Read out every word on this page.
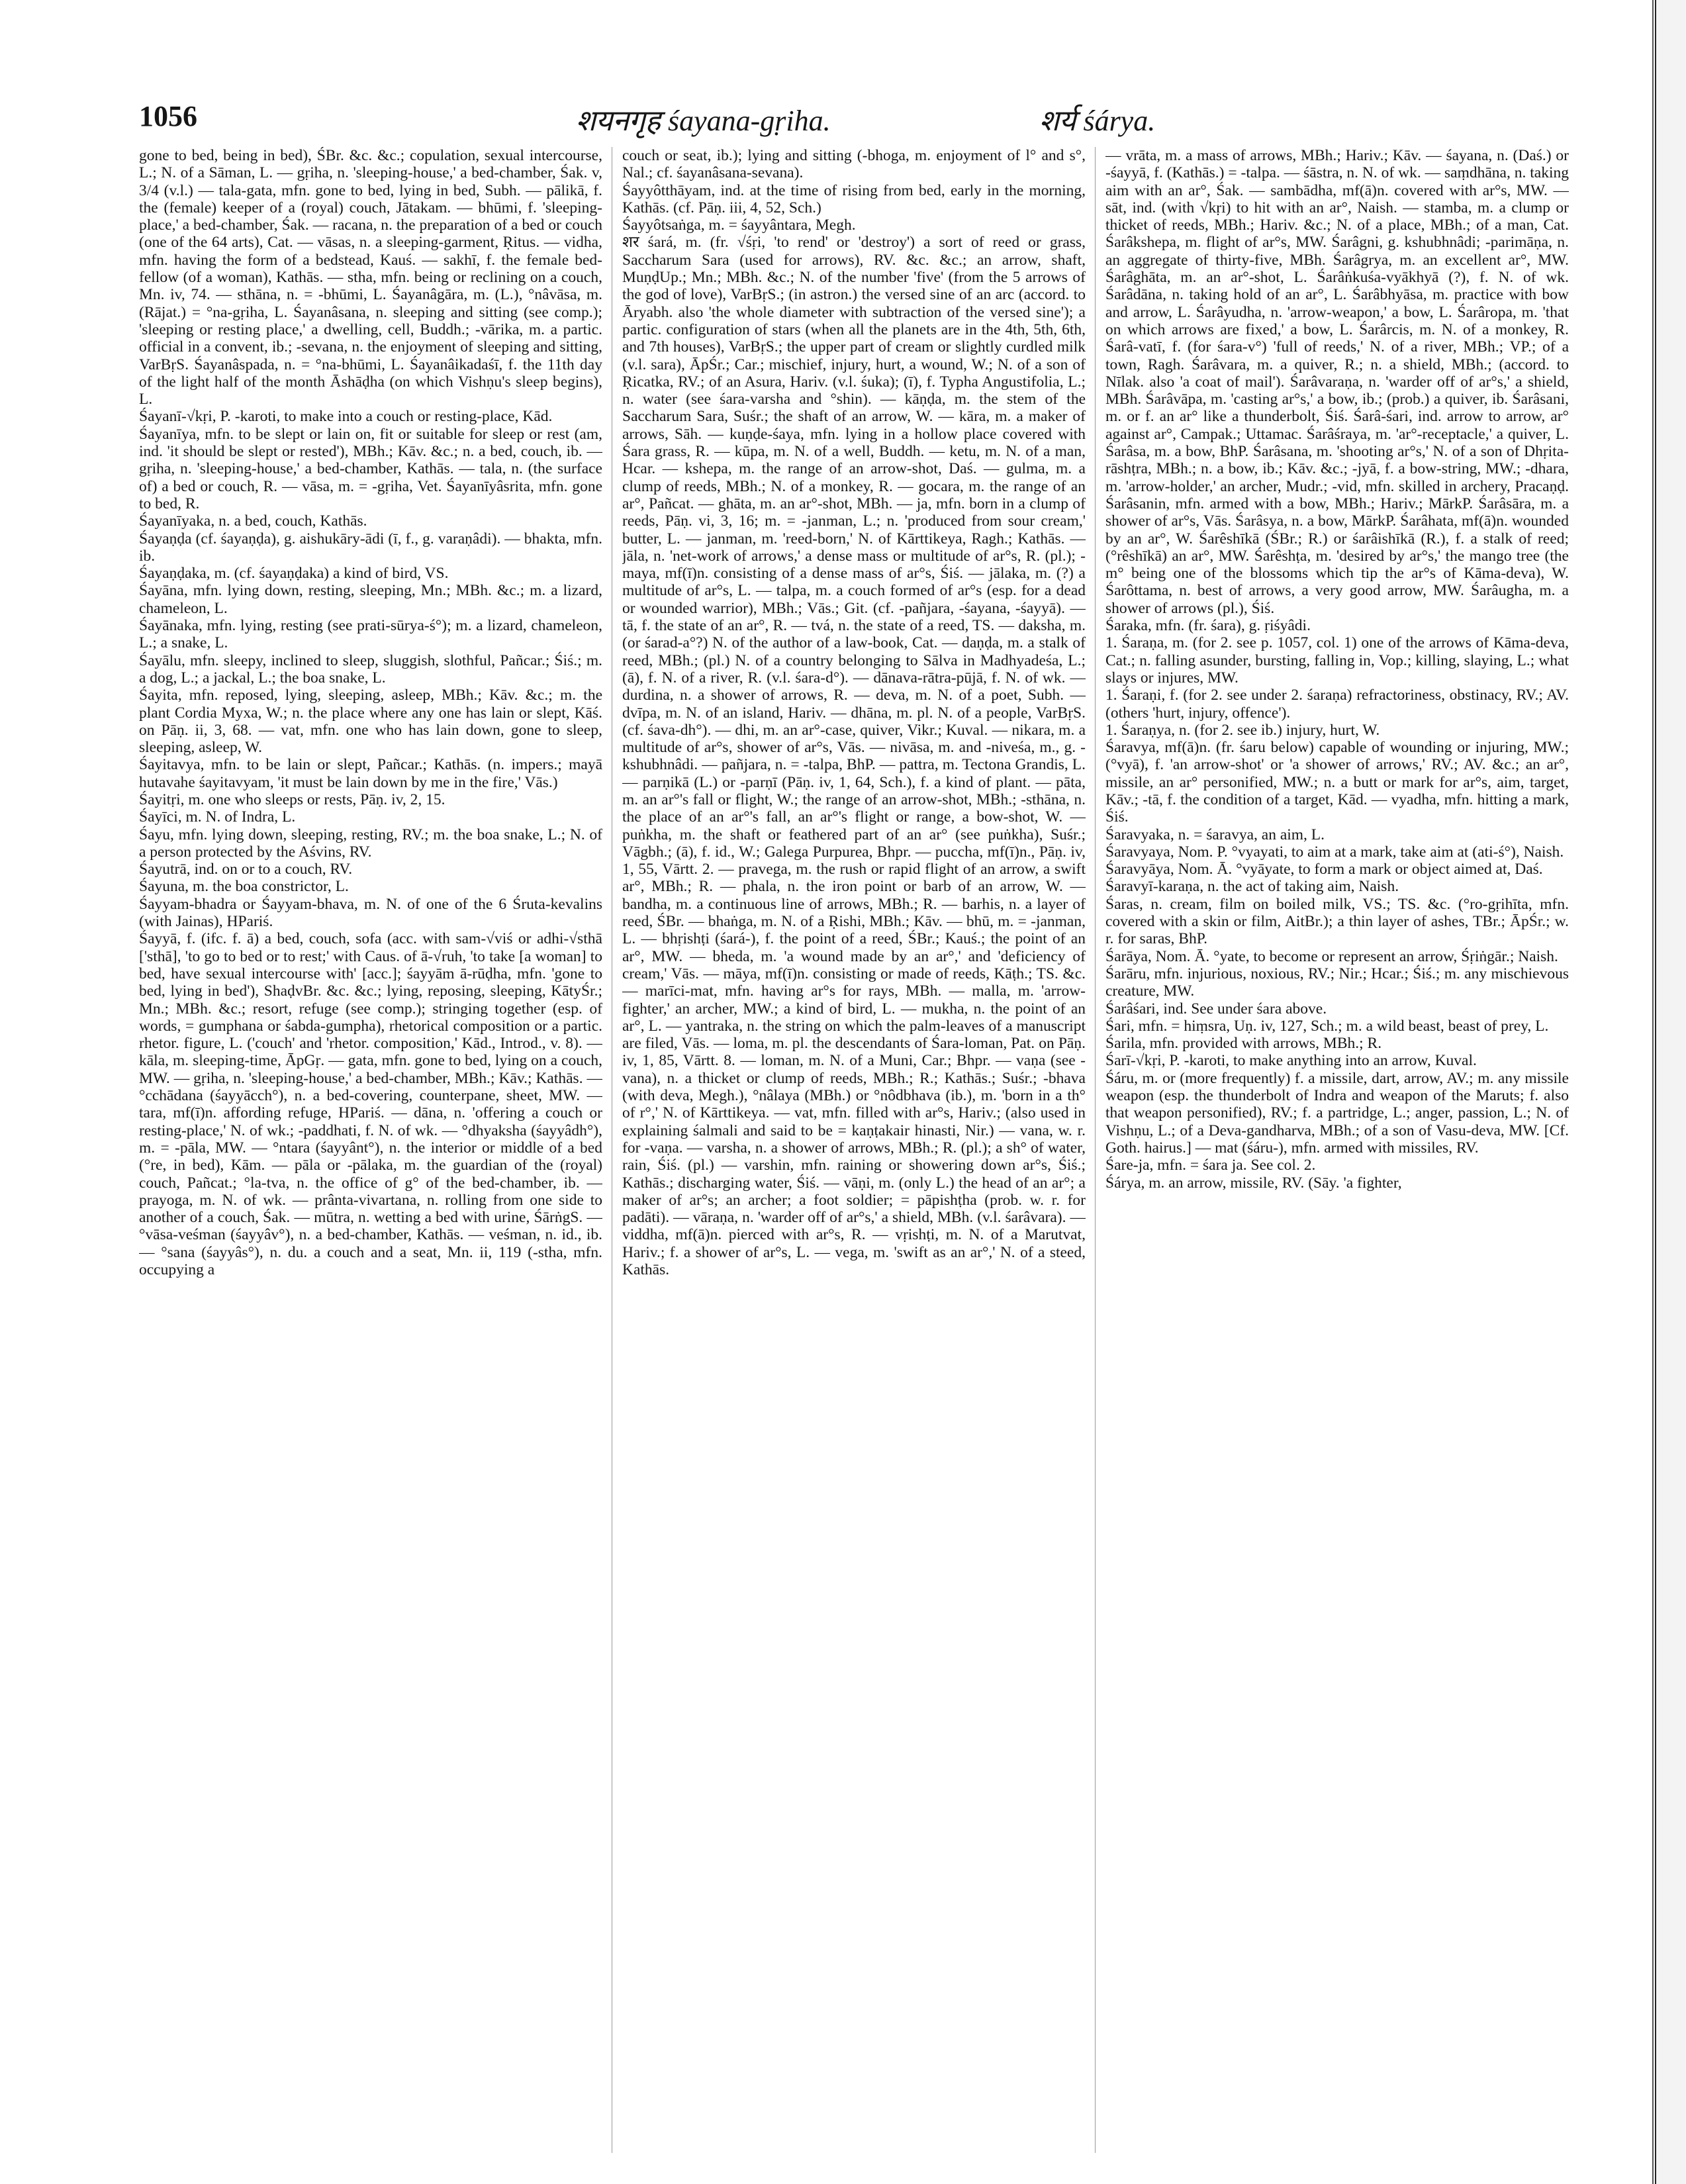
1056	शयनगृह śayana-gṛiha.	शर्य śárya.

gone to bed, being in bed), ŚBr. &c. &c.; copulation, sexual intercourse, L.; N. of a Sāman, L. — gṛiha, n. 'sleeping-house,' a bed-chamber, Śak. v, 3/4 (v.l.) — tala-gata, mfn. gone to bed, lying in bed, Subh. — pālikā, f. the (female) keeper of a (royal) couch, Jātakam. — bhūmi, f. 'sleeping-place,' a bed-chamber, Śak. — racana, n. the preparation of a bed or couch (one of the 64 arts), Cat. — vāsas, n. a sleeping-garment, Ṛitus. — vidha, mfn. having the form of a bedstead, Kauś. — sakhī, f. the female bed-fellow (of a woman), Kathās. — stha, mfn. being or reclining on a couch, Mn. iv, 74. — sthāna, n. = -bhūmi, L. Śayanâgāra, m. (L.), °nâvāsa, m. (Rājat.) = °na-gṛiha, L. Śayanâsana, n. sleeping and sitting (see comp.); 'sleeping or resting place,' a dwelling, cell, Buddh.; -vārika, m. a partic. official in a convent, ib.; -sevana, n. the enjoyment of sleeping and sitting, VarBṛS. Śayanâspada, n. = °na-bhūmi, L. Śayanâikadaśī, f. the 11th day of the light half of the month Āshāḍha (on which Vishṇu's sleep begins), L.

Śayanī-√kṛi, P. -karoti, to make into a couch or resting-place, Kād.

Śayanīya, mfn. to be slept or lain on, fit or suitable for sleep or rest (am, ind. 'it should be slept or rested'), MBh.; Kāv. &c.; n. a bed, couch, ib. — gṛiha, n. 'sleeping-house,' a bed-chamber, Kathās. — tala, n. (the surface of) a bed or couch, R. — vāsa, m. = -gṛiha, Vet. Śayanīyâsrita, mfn. gone to bed, R.

Śayanīyaka, n. a bed, couch, Kathās.

Śayaṇḍa (cf. śayaṇḍa), g. aishukāry-ādi (ī, f., g. varaṇâdi). — bhakta, mfn. ib.

Śayaṇḍaka, m. (cf. śayaṇḍaka) a kind of bird, VS.

Śayāna, mfn. lying down, resting, sleeping, Mn.; MBh. &c.; m. a lizard, chameleon, L.

Śayānaka, mfn. lying, resting (see prati-sūrya-ś°); m. a lizard, chameleon, L.; a snake, L.

Śayālu, mfn. sleepy, inclined to sleep, sluggish, slothful, Pañcar.; Śiś.; m. a dog, L.; a jackal, L.; the boa snake, L.

Śayita, mfn. reposed, lying, sleeping, asleep, MBh.; Kāv. &c.; m. the plant Cordia Myxa, W.; n. the place where any one has lain or slept, Kāś. on Pāṇ. ii, 3, 68. — vat, mfn. one who has lain down, gone to sleep, sleeping, asleep, W.

Śayitavya, mfn. to be lain or slept, Pañcar.; Kathās. (n. impers.; mayā hutavahe śayitavyam, 'it must be lain down by me in the fire,' Vās.)

Śayitṛi, m. one who sleeps or rests, Pāṇ. iv, 2, 15.

Śayīci, m. N. of Indra, L.

Śayu, mfn. lying down, sleeping, resting, RV.; m. the boa snake, L.; N. of a person protected by the Aśvins, RV.

Śayutrā, ind. on or to a couch, RV.

Śayuna, m. the boa constrictor, L.

Śayyam-bhadra or Śayyam-bhava, m. N. of one of the 6 Śruta-kevalins (with Jainas), HPariś.

Śayyā, f. (ifc. f. ā) a bed, couch, sofa (acc. with sam-√viś or adhi-√sthā ['sthā], 'to go to bed or to rest;' with Caus. of ā-√ruh, 'to take [a woman] to bed, have sexual intercourse with' [acc.]; śayyām ā-rūḍha, mfn. 'gone to bed, lying in bed'), ShaḍvBr. &c. &c.; lying, reposing, sleeping, KātyŚr.; Mn.; MBh. &c.; resort, refuge (see comp.); stringing together (esp. of words, = gumphana or śabda-gumpha), rhetorical composition or a partic. rhetor. figure, L. ('couch' and 'rhetor. composition,' Kād., Introd., v. 8). — kāla, m. sleeping-time, ĀpGṛ. — gata, mfn. gone to bed, lying on a couch, MW. — gṛiha, n. 'sleeping-house,' a bed-chamber, MBh.; Kāv.; Kathās. — °cchādana (śayyācch°), n. a bed-covering, counterpane, sheet, MW. — tara, mf(ī)n. affording refuge, HPariś. — dāna, n. 'offering a couch or resting-place,' N. of wk.; -paddhati, f. N. of wk. — °dhyaksha (śayyâdh°), m. = -pāla, MW. — °ntara (śayyânt°), n. the interior or middle of a bed (°re, in bed), Kām. — pāla or -pālaka, m. the guardian of the (royal) couch, Pañcat.; °la-tva, n. the office of g° of the bed-chamber, ib. — prayoga, m. N. of wk. — prânta-vivartana, n. rolling from one side to another of a couch, Śak. — mūtra, n. wetting a bed with urine, ŚārṅgS. — °vāsa-veśman (śayyâv°), n. a bed-chamber, Kathās. — veśman, n. id., ib. — °sana (śayyâs°), n. du. a couch and a seat, Mn. ii, 119 (-stha, mfn. occupying a

couch or seat, ib.); lying and sitting (-bhoga, m. enjoyment of l° and s°, Nal.; cf. śayanâsana-sevana).

Śayyôtthāyam, ind. at the time of rising from bed, early in the morning, Kathās. (cf. Pāṇ. iii, 4, 52, Sch.)

Śayyôtsaṅga, m. = śayyântara, Megh.

शर śará, m. (fr. √śṛi, 'to rend' or 'destroy') a sort of reed or grass, Saccharum Sara (used for arrows), RV. &c. &c.; an arrow, shaft, MuṇḍUp.; Mn.; MBh. &c.; N. of the number 'five' (from the 5 arrows of the god of love), VarBṛS.; (in astron.) the versed sine of an arc (accord. to Āryabh. also 'the whole diameter with subtraction of the versed sine'); a partic. configuration of stars (when all the planets are in the 4th, 5th, 6th, and 7th houses), VarBṛS.; the upper part of cream or slightly curdled milk (v.l. sara), ĀpŚr.; Car.; mischief, injury, hurt, a wound, W.; N. of a son of Ṛicatka, RV.; of an Asura, Hariv. (v.l. śuka); (ī), f. Typha Angustifolia, L.; n. water (see śara-varsha and °shin). — kāṇḍa, m. the stem of the Saccharum Sara, Suśr.; the shaft of an arrow, W. — kāra, m. a maker of arrows, Sāh. — kuṇḍe-śaya, mfn. lying in a hollow place covered with Śara grass, R. — kūpa, m. N. of a well, Buddh. — ketu, m. N. of a man, Hcar. — kshepa, m. the range of an arrow-shot, Daś. — gulma, m. a clump of reeds, MBh.; N. of a monkey, R. — gocara, m. the range of an ar°, Pañcat. — ghāta, m. an ar°-shot, MBh. — ja, mfn. born in a clump of reeds, Pāṇ. vi, 3, 16; m. = -janman, L.; n. 'produced from sour cream,' butter, L. — janman, m. 'reed-born,' N. of Kārttikeya, Ragh.; Kathās. — jāla, n. 'net-work of arrows,' a dense mass or multitude of ar°s, R. (pl.); -maya, mf(ī)n. consisting of a dense mass of ar°s, Śiś. — jālaka, m. (?) a multitude of ar°s, L. — talpa, m. a couch formed of ar°s (esp. for a dead or wounded warrior), MBh.; Vās.; Git. (cf. -pañjara, -śayana, -śayyā). — tā, f. the state of an ar°, R. — tvá, n. the state of a reed, TS. — daksha, m. (or śarad-a°?) N. of the author of a law-book, Cat. — daṇḍa, m. a stalk of reed, MBh.; (pl.) N. of a country belonging to Sālva in Madhyadeśa, L.; (ā), f. N. of a river, R. (v.l. śara-d°). — dānava-rātra-pūjā, f. N. of wk. — durdina, n. a shower of arrows, R. — deva, m. N. of a poet, Subh. — dvīpa, m. N. of an island, Hariv. — dhāna, m. pl. N. of a people, VarBṛS. (cf. śava-dh°). — dhi, m. an ar°-case, quiver, Vikr.; Kuval. — nikara, m. a multitude of ar°s, shower of ar°s, Vās. — nivāsa, m. and -niveśa, m., g. -kshubhnâdi. — pañjara, n. = -talpa, BhP. — pattra, m. Tectona Grandis, L. — parṇikā (L.) or -parṇī (Pāṇ. iv, 1, 64, Sch.), f. a kind of plant. — pāta, m. an ar°'s fall or flight, W.; the range of an arrow-shot, MBh.; -sthāna, n. the place of an ar°'s fall, an ar°'s flight or range, a bow-shot, W. — puṅkha, m. the shaft or feathered part of an ar° (see puṅkha), Suśr.; Vāgbh.; (ā), f. id., W.; Galega Purpurea, Bhpr. — puccha, mf(ī)n., Pāṇ. iv, 1, 55, Vārtt. 2. — pravega, m. the rush or rapid flight of an arrow, a swift ar°, MBh.; R. — phala, n. the iron point or barb of an arrow, W. — bandha, m. a continuous line of arrows, MBh.; R. — barhis, n. a layer of reed, ŚBr. — bhaṅga, m. N. of a Ṛishi, MBh.; Kāv. — bhū, m. = -janman, L. — bhṛishṭi (śará-), f. the point of a reed, ŚBr.; Kauś.; the point of an ar°, MW. — bheda, m. 'a wound made by an ar°,' and 'deficiency of cream,' Vās. — māya, mf(ī)n. consisting or made of reeds, Kāṭh.; TS. &c. — marīci-mat, mfn. having ar°s for rays, MBh. — malla, m. 'arrow-fighter,' an archer, MW.; a kind of bird, L. — mukha, n. the point of an ar°, L. — yantraka, n. the string on which the palm-leaves of a manuscript are filed, Vās. — loma, m. pl. the descendants of Śara-loman, Pat. on Pāṇ. iv, 1, 85, Vārtt. 8. — loman, m. N. of a Muni, Car.; Bhpr. — vaṇa (see -vana), n. a thicket or clump of reeds, MBh.; R.; Kathās.; Suśr.; -bhava (with deva, Megh.), °nâlaya (MBh.) or °nôdbhava (ib.), m. 'born in a th° of r°,' N. of Kārttikeya. — vat, mfn. filled with ar°s, Hariv.; (also used in explaining śalmali and said to be = kaṇṭakair hinasti, Nir.) — vana, w. r. for -vaṇa. — varsha, n. a shower of arrows, MBh.; R. (pl.); a sh° of water, rain, Śiś. (pl.) — varshin, mfn. raining or showering down ar°s, Śiś.; Kathās.; discharging water, Śiś. — vāṇi, m. (only L.) the head of an ar°; a maker of ar°s; an archer; a foot soldier; = pāpishṭha (prob. w. r. for padāti). — vāraṇa, n. 'warder off of ar°s,' a shield, MBh. (v.l. śarâvara). — viddha, mf(ā)n. pierced with ar°s, R. — vṛishṭi, m. N. of a Marutvat, Hariv.; f. a shower of ar°s, L. — vega, m. 'swift as an ar°,' N. of a steed, Kathās.

— vrāta, m. a mass of arrows, MBh.; Hariv.; Kāv. — śayana, n. (Daś.) or -śayyā, f. (Kathās.) = -talpa. — śāstra, n. N. of wk. — saṃdhāna, n. taking aim with an ar°, Śak. — sambādha, mf(ā)n. covered with ar°s, MW. — sāt, ind. (with √kṛi) to hit with an ar°, Naish. — stamba, m. a clump or thicket of reeds, MBh.; Hariv. &c.; N. of a place, MBh.; of a man, Cat. Śarâkshepa, m. flight of ar°s, MW. Śarâgni, g. kshubhnâdi; -parimāṇa, n. an aggregate of thirty-five, MBh. Śarâgrya, m. an excellent ar°, MW. Śarâghāta, m. an ar°-shot, L. Śarâṅkuśa-vyākhyā (?), f. N. of wk. Śarâdāna, n. taking hold of an ar°, L. Śarâbhyāsa, m. practice with bow and arrow, L. Śarâyudha, n. 'arrow-weapon,' a bow, L. Śarâropa, m. 'that on which arrows are fixed,' a bow, L. Śarârcis, m. N. of a monkey, R. Śarâ-vatī, f. (for śara-v°) 'full of reeds,' N. of a river, MBh.; VP.; of a town, Ragh. Śarâvara, m. a quiver, R.; n. a shield, MBh.; (accord. to Nīlak. also 'a coat of mail'). Śarâvaraṇa, n. 'warder off of ar°s,' a shield, MBh. Śarâvāpa, m. 'casting ar°s,' a bow, ib.; (prob.) a quiver, ib. Śarâsani, m. or f. an ar° like a thunderbolt, Śiś. Śarâ-śari, ind. arrow to arrow, ar° against ar°, Campak.; Uttamac. Śarâśraya, m. 'ar°-receptacle,' a quiver, L. Śarâsa, m. a bow, BhP. Śarâsana, m. 'shooting ar°s,' N. of a son of Dhṛita-rāshṭra, MBh.; n. a bow, ib.; Kāv. &c.; -jyā, f. a bow-string, MW.; -dhara, m. 'arrow-holder,' an archer, Mudr.; -vid, mfn. skilled in archery, Pracaṇḍ. Śarâsanin, mfn. armed with a bow, MBh.; Hariv.; MārkP. Śarâsāra, m. a shower of ar°s, Vās. Śarâsya, n. a bow, MārkP. Śarâhata, mf(ā)n. wounded by an ar°, W. Śarêshīkā (ŚBr.; R.) or śarâishīkā (R.), f. a stalk of reed; (°rêshīkā) an ar°, MW. Śarêshṭa, m. 'desired by ar°s,' the mango tree (the m° being one of the blossoms which tip the ar°s of Kāma-deva), W. Śarôttama, n. best of arrows, a very good arrow, MW. Śarâugha, m. a shower of arrows (pl.), Śiś.

Śaraka, mfn. (fr. śara), g. ṛiśyâdi.

1. Śaraṇa, m. (for 2. see p. 1057, col. 1) one of the arrows of Kāma-deva, Cat.; n. falling asunder, bursting, falling in, Vop.; killing, slaying, L.; what slays or injures, MW.

1. Śaraṇi, f. (for 2. see under 2. śaraṇa) refractoriness, obstinacy, RV.; AV. (others 'hurt, injury, offence').

1. Śaraṇya, n. (for 2. see ib.) injury, hurt, W.

Śaravya, mf(ā)n. (fr. śaru below) capable of wounding or injuring, MW.; (°vyā), f. 'an arrow-shot' or 'a shower of arrows,' RV.; AV. &c.; an ar°, missile, an ar° personified, MW.; n. a butt or mark for ar°s, aim, target, Kāv.; -tā, f. the condition of a target, Kād. — vyadha, mfn. hitting a mark, Śiś.

Śaravyaka, n. = śaravya, an aim, L.

Śaravyaya, Nom. P. °vyayati, to aim at a mark, take aim at (ati-ś°), Naish.

Śaravyāya, Nom. Ā. °vyāyate, to form a mark or object aimed at, Daś.

Śaravyī-karaṇa, n. the act of taking aim, Naish.

Śaras, n. cream, film on boiled milk, VS.; TS. &c. (°ro-gṛihīta, mfn. covered with a skin or film, AitBr.); a thin layer of ashes, TBr.; ĀpŚr.; w. r. for saras, BhP.

Śarāya, Nom. Ā. °yate, to become or represent an arrow, Śṛiṅgār.; Naish.

Śarāru, mfn. injurious, noxious, RV.; Nir.; Hcar.; Śiś.; m. any mischievous creature, MW.

Śarâśari, ind. See under śara above.

Śari, mfn. = hiṃsra, Uṇ. iv, 127, Sch.; m. a wild beast, beast of prey, L.

Śarila, mfn. provided with arrows, MBh.; R.

Śarī-√kṛi, P. -karoti, to make anything into an arrow, Kuval.

Śáru, m. or (more frequently) f. a missile, dart, arrow, AV.; m. any missile weapon (esp. the thunderbolt of Indra and weapon of the Maruts; f. also that weapon personified), RV.; f. a partridge, L.; anger, passion, L.; N. of Vishṇu, L.; of a Deva-gandharva, MBh.; of a son of Vasu-deva, MW. [Cf. Goth. hairus.] — mat (śáru-), mfn. armed with missiles, RV.

Śare-ja, mfn. = śara ja. See col. 2.

Śárya, m. an arrow, missile, RV. (Sāy. 'a fighter,
